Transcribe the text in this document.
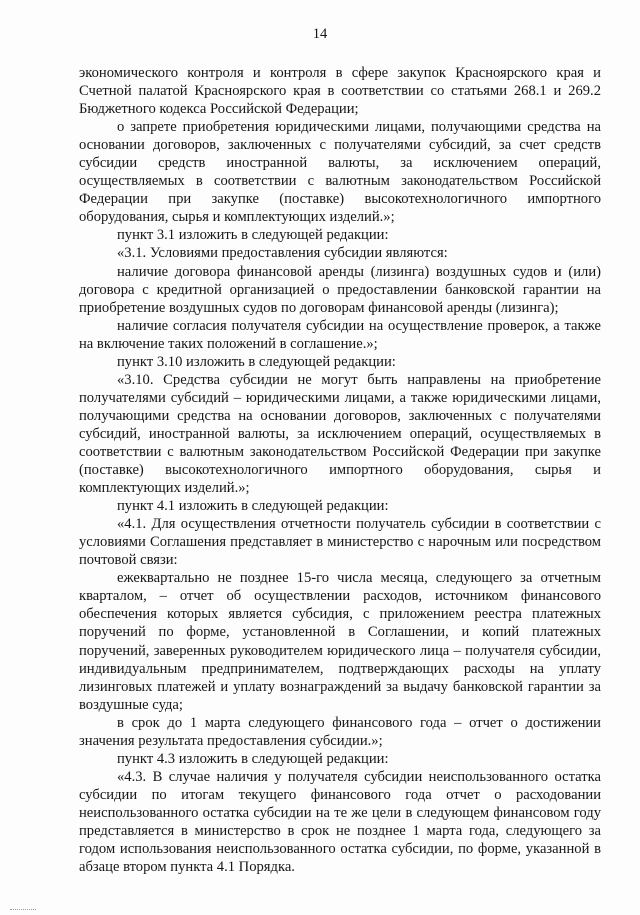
14

экономического контроля и контроля в сфере закупок Красноярского края и Счетной палатой Красноярского края в соответствии со статьями 268.1 и 269.2 Бюджетного кодекса Российской Федерации;

о запрете приобретения юридическими лицами, получающими средства на основании договоров, заключенных с получателями субсидий, за счет средств субсидии средств иностранной валюты, за исключением операций, осуществляемых в соответствии с валютным законодательством Российской Федерации при закупке (поставке) высокотехнологичного импортного оборудования, сырья и комплектующих изделий.»;

пункт 3.1 изложить в следующей редакции:

«3.1. Условиями предоставления субсидии являются:

наличие договора финансовой аренды (лизинга) воздушных судов и (или) договора с кредитной организацией о предоставлении банковской гарантии на приобретение воздушных судов по договорам финансовой аренды (лизинга);

наличие согласия получателя субсидии на осуществление проверок, а также на включение таких положений в соглашение.»;

пункт 3.10 изложить в следующей редакции:

«3.10. Средства субсидии не могут быть направлены на приобретение получателями субсидий – юридическими лицами, а также юридическими лицами, получающими средства на основании договоров, заключенных с получателями субсидий, иностранной валюты, за исключением операций, осуществляемых в соответствии с валютным законодательством Российской Федерации при закупке (поставке) высокотехнологичного импортного оборудования, сырья и комплектующих изделий.»;

пункт 4.1 изложить в следующей редакции:

«4.1. Для осуществления отчетности получатель субсидии в соответствии с условиями Соглашения представляет в министерство с нарочным или посредством почтовой связи:

ежеквартально не позднее 15-го числа месяца, следующего за отчетным кварталом, – отчет об осуществлении расходов, источником финансового обеспечения которых является субсидия, с приложением реестра платежных поручений по форме, установленной в Соглашении, и копий платежных поручений, заверенных руководителем юридического лица – получателя субсидии, индивидуальным предпринимателем, подтверждающих расходы на уплату лизинговых платежей и уплату вознаграждений за выдачу банковской гарантии за воздушные суда;

в срок до 1 марта следующего финансового года – отчет о достижении значения результата предоставления субсидии.»;

пункт 4.3 изложить в следующей редакции:

«4.3. В случае наличия у получателя субсидии неиспользованного остатка субсидии по итогам текущего финансового года отчет о расходовании неиспользованного остатка субсидии на те же цели в следующем финансовом году представляется в министерство в срок не позднее 1 марта года, следующего за годом использования неиспользованного остатка субсидии, по форме, указанной в абзаце втором пункта 4.1 Порядка.
